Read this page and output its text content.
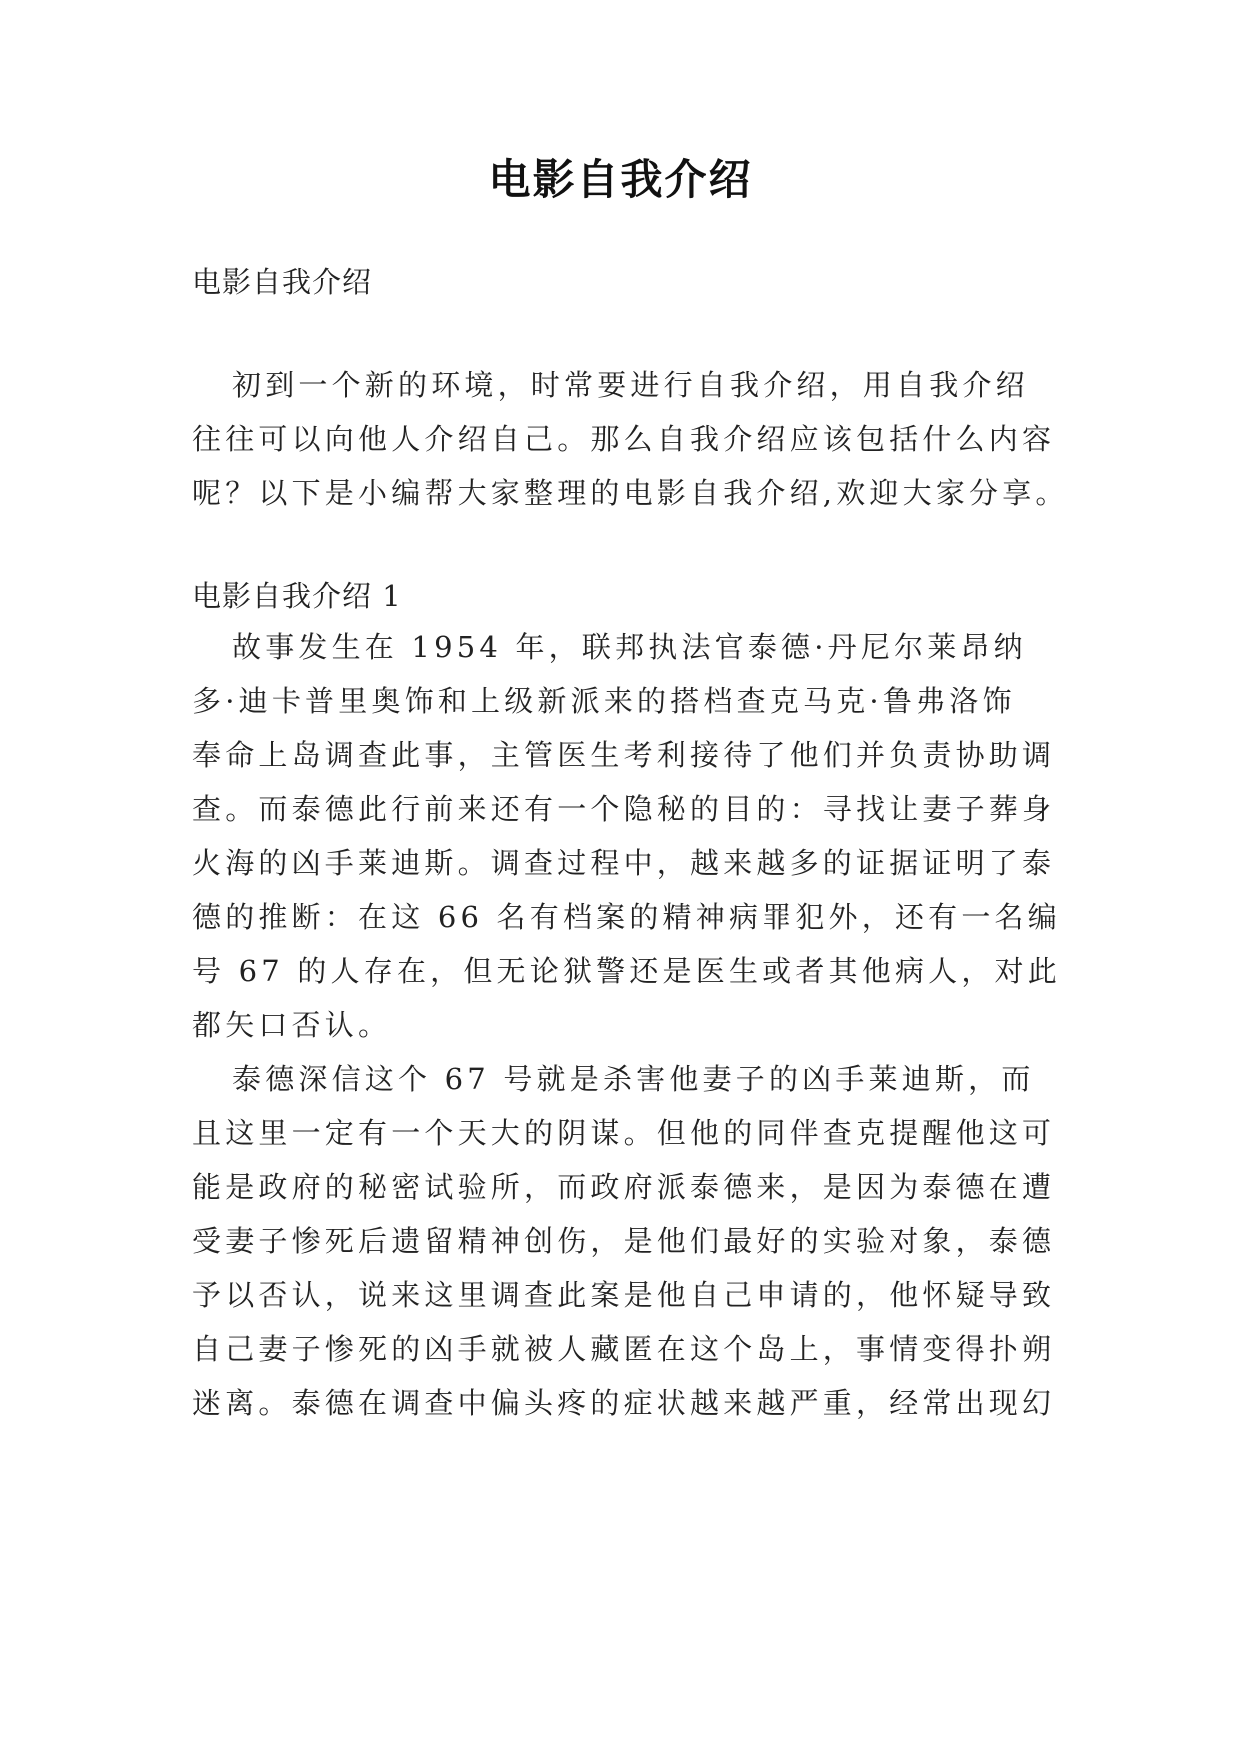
电影自我介绍
电影自我介绍
初到一个新的环境，时常要进行自我介绍，用自我介绍
往往可以向他人介绍自己。那么自我介绍应该包括什么内容
呢？以下是小编帮大家整理的电影自我介绍,欢迎大家分享。
电影自我介绍 1
故事发生在 1954 年，联邦执法官泰德·丹尼尔莱昂纳
多·迪卡普里奥饰和上级新派来的搭档查克马克·鲁弗洛饰
奉命上岛调查此事，主管医生考利接待了他们并负责协助调
查。而泰德此行前来还有一个隐秘的目的：寻找让妻子葬身
火海的凶手莱迪斯。调查过程中，越来越多的证据证明了泰
德的推断：在这 66 名有档案的精神病罪犯外，还有一名编
号 67 的人存在，但无论狱警还是医生或者其他病人，对此
都矢口否认。
泰德深信这个 67 号就是杀害他妻子的凶手莱迪斯，而
且这里一定有一个天大的阴谋。但他的同伴查克提醒他这可
能是政府的秘密试验所，而政府派泰德来，是因为泰德在遭
受妻子惨死后遗留精神创伤，是他们最好的实验对象，泰德
予以否认，说来这里调查此案是他自己申请的，他怀疑导致
自己妻子惨死的凶手就被人藏匿在这个岛上，事情变得扑朔
迷离。泰德在调查中偏头疼的症状越来越严重，经常出现幻
